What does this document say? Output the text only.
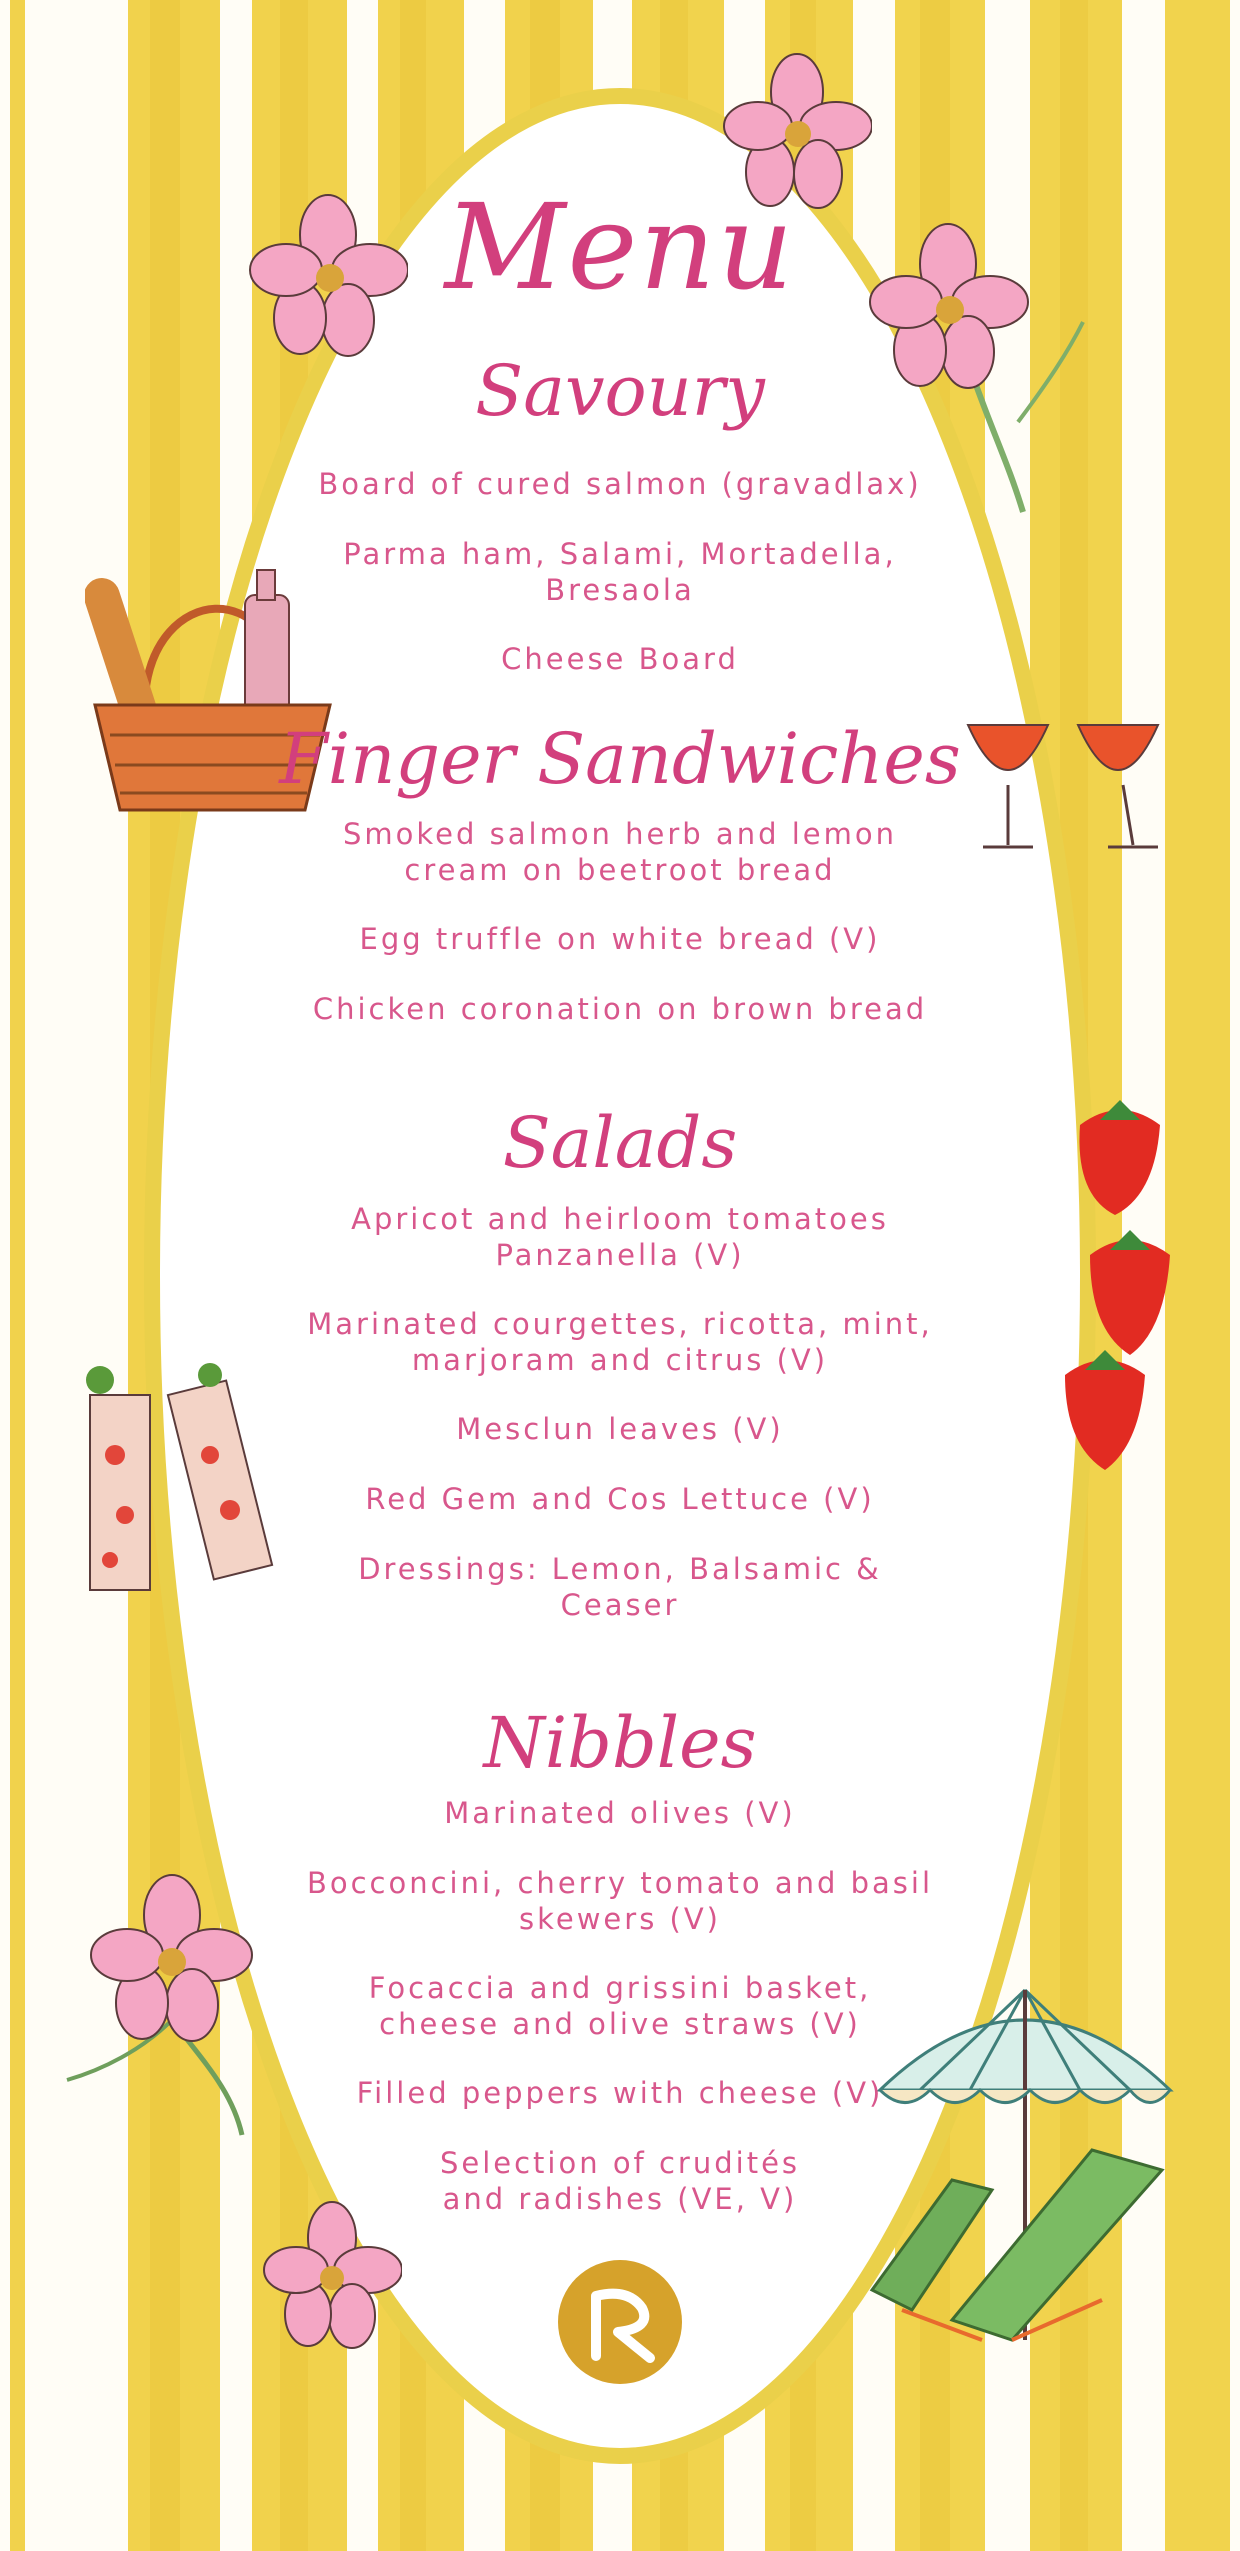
Menu
Savoury
Board of cured salmon (gravadlax)
Parma ham, Salami, Mortadella,
Bresaola
Cheese Board
Finger Sandwiches
Smoked salmon herb and lemon
cream on beetroot bread
Egg truffle on white bread (V)
Chicken coronation on brown bread
Salads
Apricot and heirloom tomatoes
Panzanella (V)
Marinated courgettes, ricotta, mint,
marjoram and citrus (V)
Mesclun leaves (V)
Red Gem and Cos Lettuce (V)
Dressings: Lemon, Balsamic &
Ceaser
Nibbles
Marinated olives (V)
Bocconcini, cherry tomato and basil
skewers (V)
Focaccia and grissini basket,
cheese and olive straws (V)
Filled peppers with cheese (V)
Selection of crudités
and radishes (VE, V)
